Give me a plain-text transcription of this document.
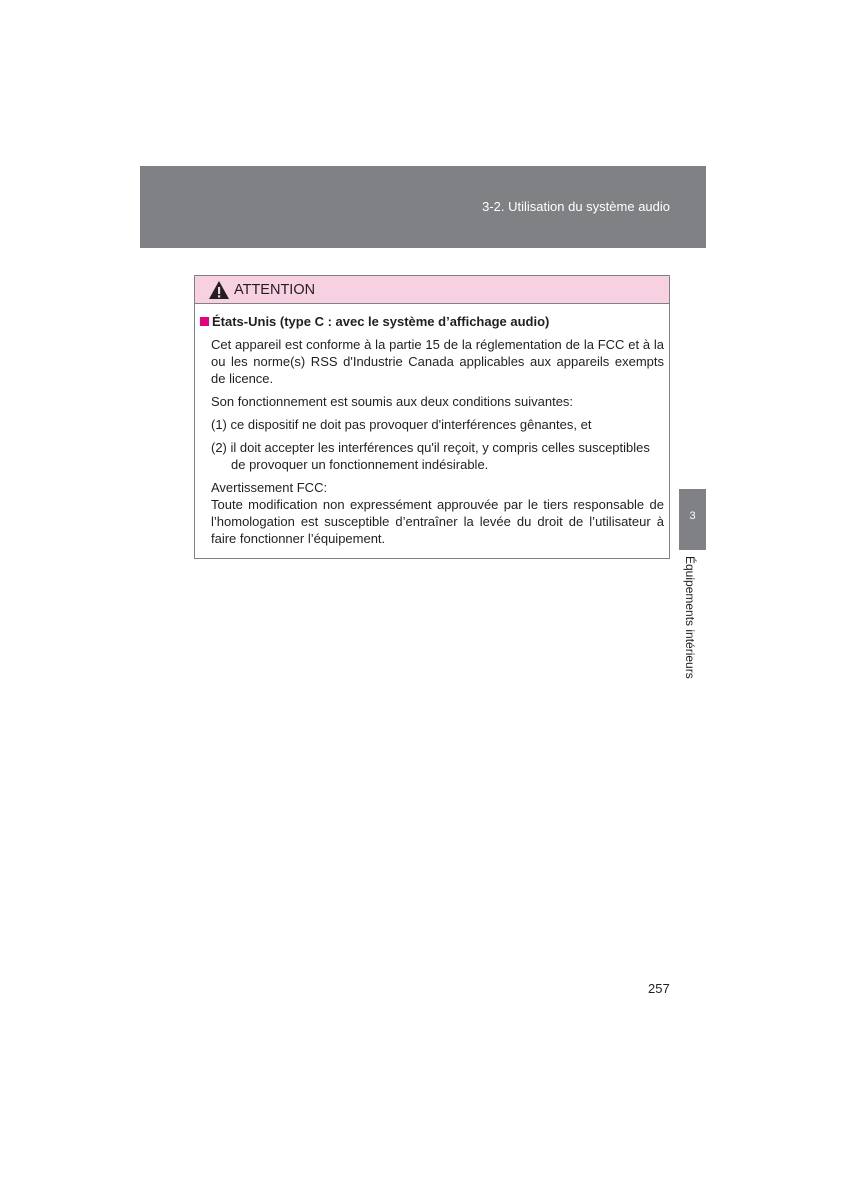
3-2. Utilisation du système audio
ATTENTION
États-Unis (type C : avec le système d’affichage audio)

Cet appareil est conforme à la partie 15 de la réglementation de la FCC et à la ou les norme(s) RSS d'Industrie Canada applicables aux appareils exempts de licence.

Son fonctionnement est soumis aux deux conditions suivantes:

(1) ce dispositif ne doit pas provoquer d'interférences gênantes, et

(2) il doit accepter les interférences qu'il reçoit, y compris celles susceptibles de provoquer un fonctionnement indésirable.

Avertissement FCC:

Toute modification non expressément approuvée par le tiers responsable de l’homologation est susceptible d’entraîner la levée du droit de l’utilisateur à faire fonctionner l’équipement.

3
Équipements intérieurs
257
